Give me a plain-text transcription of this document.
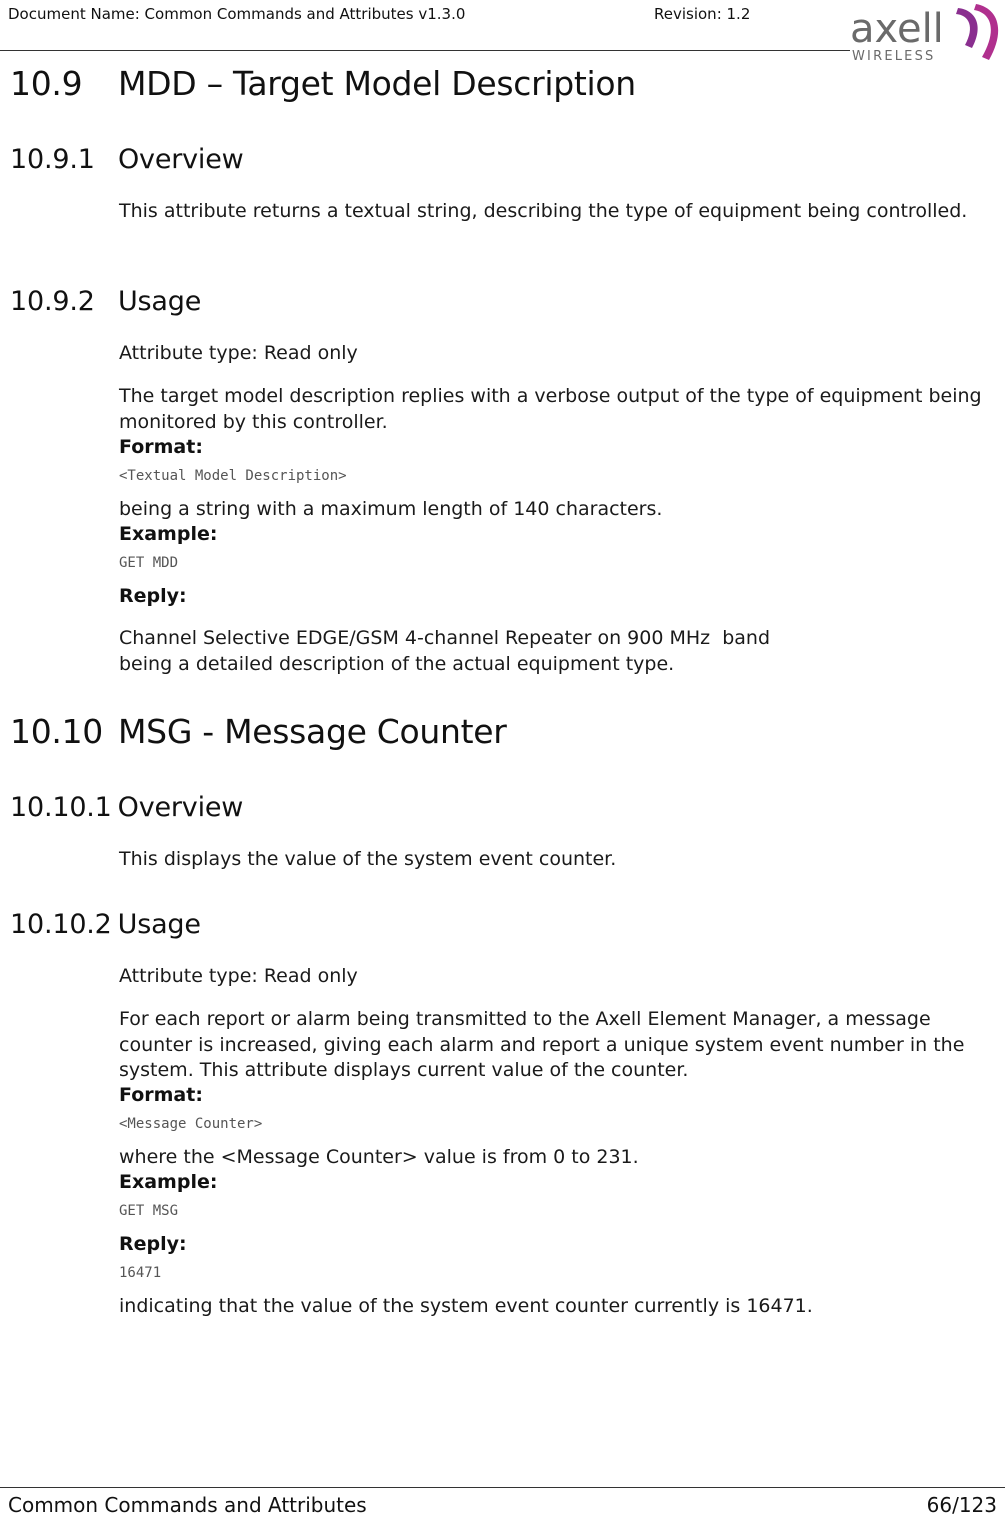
Document Name: Common Commands and Attributes v1.3.0	Revision: 1.2 axell
WIRELESS
10.9 MDD – Target Model Description
10.9.1 Overview
This attribute returns a textual string, describing the type of equipment being controlled.
10.9.2 Usage
Attribute type: Read only
The target model description replies with a verbose output of the type of equipment being monitored by this controller.
Format:
<Textual Model Description>
being a string with a maximum length of 140 characters.
Example:
GET MDD
Reply:
Channel Selective EDGE/GSM 4-channel Repeater on 900 MHz  band
being a detailed description of the actual equipment type.
10.10 MSG - Message Counter
10.10.1 Overview
This displays the value of the system event counter.
10.10.2 Usage
Attribute type: Read only
For each report or alarm being transmitted to the Axell Element Manager, a message counter is increased, giving each alarm and report a unique system event number in the system. This attribute displays current value of the counter.
Format:
<Message Counter>
where the <Message Counter> value is from 0 to 231.
Example:
GET MSG
Reply:
16471
indicating that the value of the system event counter currently is 16471.
Common Commands and Attributes	66/123
